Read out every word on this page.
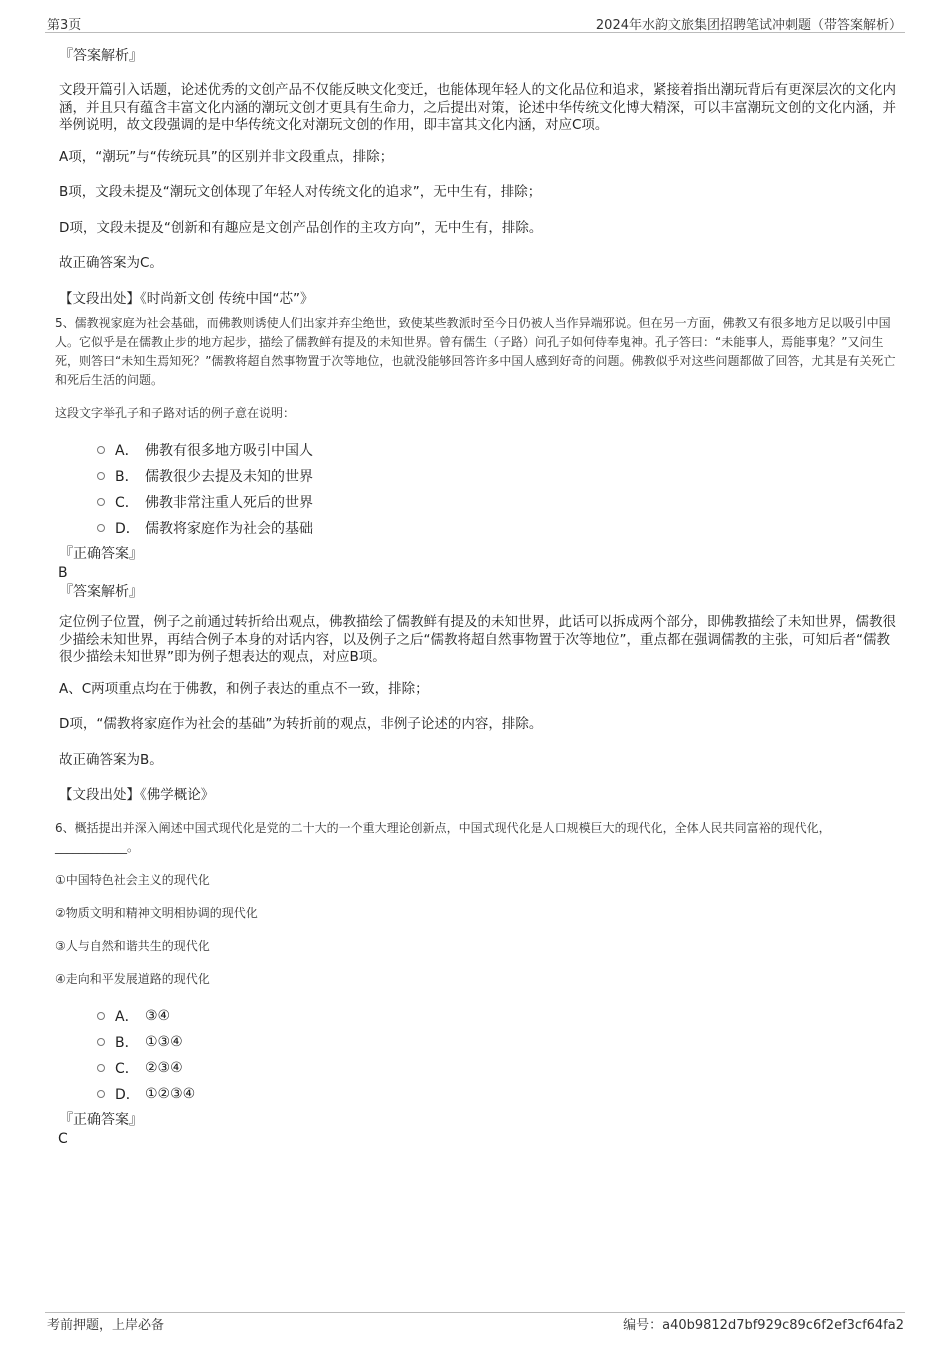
第3页	2024年水韵文旅集团招聘笔试冲刺题（带答案解析）

『答案解析』

文段开篇引入话题，论述优秀的文创产品不仅能反映文化变迁，也能体现年轻人的文化品位和追求，紧接着指出潮玩背后有更深层次的文化内涵，并且只有蕴含丰富文化内涵的潮玩文创才更具有生命力，之后提出对策，论述中华传统文化博大精深，可以丰富潮玩文创的文化内涵，并举例说明，故文段强调的是中华传统文化对潮玩文创的作用，即丰富其文化内涵，对应C项。

A项，“潮玩”与“传统玩具”的区别并非文段重点，排除；

B项，文段未提及“潮玩文创体现了年轻人对传统文化的追求”，无中生有，排除；

D项，文段未提及“创新和有趣应是文创产品创作的主攻方向”，无中生有，排除。

故正确答案为C。

【文段出处】《时尚新文创 传统中国“芯”》

5、儒教视家庭为社会基础，而佛教则诱使人们出家并弃尘绝世，致使某些教派时至今日仍被人当作异端邪说。但在另一方面，佛教又有很多地方足以吸引中国人。它似乎是在儒教止步的地方起步，描绘了儒教鲜有提及的未知世界。曾有儒生（子路）问孔子如何侍奉鬼神。孔子答曰：“未能事人，焉能事鬼？”又问生死，则答曰“未知生焉知死？”儒教将超自然事物置于次等地位，也就没能够回答许多中国人感到好奇的问题。佛教似乎对这些问题都做了回答，尤其是有关死亡和死后生活的问题。

这段文字举孔子和子路对话的例子意在说明：

A． 佛教有很多地方吸引中国人
B． 儒教很少去提及未知的世界
C． 佛教非常注重人死后的世界
D． 儒教将家庭作为社会的基础

『正确答案』

B

『答案解析』

定位例子位置，例子之前通过转折给出观点，佛教描绘了儒教鲜有提及的未知世界，此话可以拆成两个部分，即佛教描绘了未知世界，儒教很少描绘未知世界，再结合例子本身的对话内容，以及例子之后“儒教将超自然事物置于次等地位”，重点都在强调儒教的主张，可知后者“儒教很少描绘未知世界”即为例子想表达的观点，对应B项。

A、C两项重点均在于佛教，和例子表达的重点不一致，排除；

D项，“儒教将家庭作为社会的基础”为转折前的观点，非例子论述的内容，排除。

故正确答案为B。

【文段出处】《佛学概论》

6、概括提出并深入阐述中国式现代化是党的二十大的一个重大理论创新点，中国式现代化是人口规模巨大的现代化，全体人民共同富裕的现代化，____________。

①中国特色社会主义的现代化

②物质文明和精神文明相协调的现代化

③人与自然和谐共生的现代化

④走向和平发展道路的现代化

A． ③④
B． ①③④
C． ②③④
D． ①②③④

『正确答案』

C

考前押题，上岸必备	编号：a40b9812d7bf929c89c6f2ef3cf64fa2
